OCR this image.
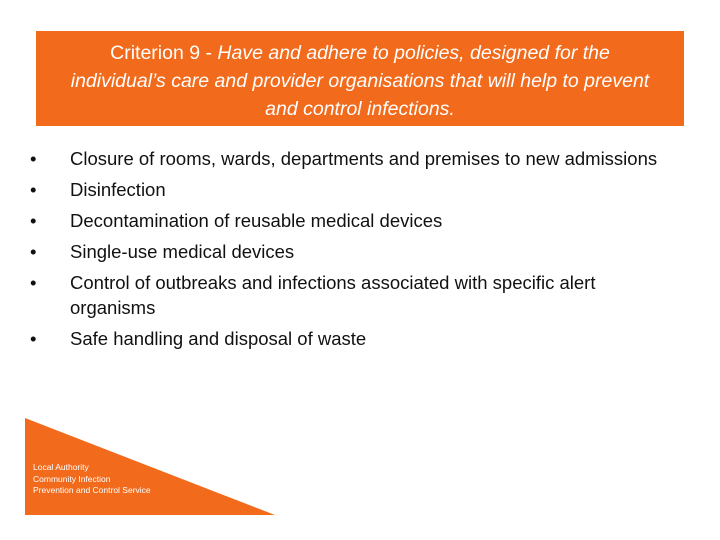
Criterion 9 - Have and adhere to policies, designed for the individual’s care and provider organisations that will help to prevent and control infections.
•	Closure of rooms, wards, departments and premises to new admissions
•	Disinfection
•	Decontamination of reusable medical devices
•	Single-use medical devices
•	Control of outbreaks and infections associated with specific alert organisms
•	Safe handling and disposal of waste
Local Authority
Community Infection
Prevention and Control Service
